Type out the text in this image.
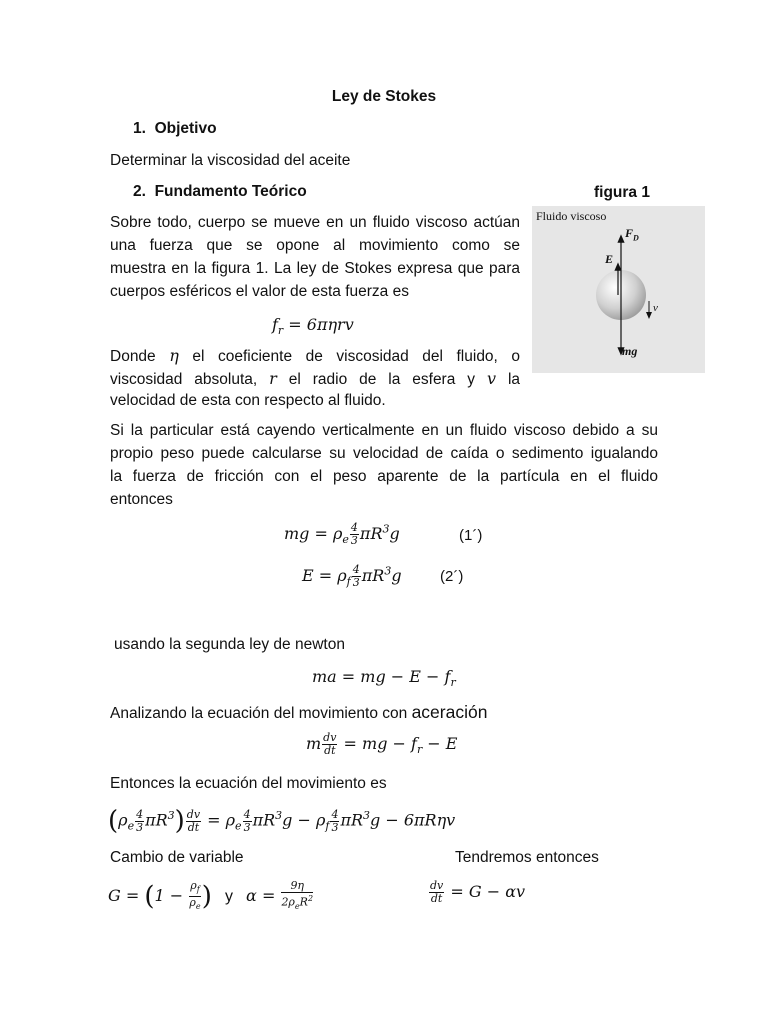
Ley de Stokes
1. Objetivo
Determinar la viscosidad del aceite
2. Fundamento Teórico	figura 1
Fluido viscoso
$F_D$
E
v
mg
Sobre todo, cuerpo se mueve en un fluido viscoso actúan
una fuerza que se opone al movimiento como se
muestra en la figura 1. La ley de Stokes expresa que para
cuerpos esféricos el valor de esta fuerza es
$f_r = 6\pi\eta rv$
Donde η el coeficiente de viscosidad del fluido, o
viscosidad absoluta, r el radio de la esfera y v la
velocidad de esta con respecto al fluido.
Si la particular está cayendo verticalmente en un fluido viscoso debido a su
propio peso puede calcularse su velocidad de caída o sedimento igualando
la fuerza de fricción con el peso aparente de la partícula en el fluido
entonces
mg = $\rho_e \frac{4}{3} \pi R^3g$	(1´)
$E = \rho_f \frac{4}{3} \pi R^3g$	(2´)
usando la segunda ley de newton
ma = mg − $E - f_r$
Analizando la ecuación del movimiento con aceración
m $\frac{dv}{dt}$ = mg − $f_r - E$
Entonces la ecuación del movimiento es
$(\rho_e \frac{4}{3} \pi R^3) \frac{dv}{dt} = \rho_e \frac{4}{3} \pi R^3g - \rho_f \frac{4}{3} \pi R^3g - 6\pi R\eta v$
Cambio de variable	Tendremos entonces
$G = (1 - \frac{\rho_f}{\rho_e}$ ) y $\alpha = \frac{9\eta}{2\rho_eR^2}$	$\frac{dv}{dt} = G - \alpha v$
